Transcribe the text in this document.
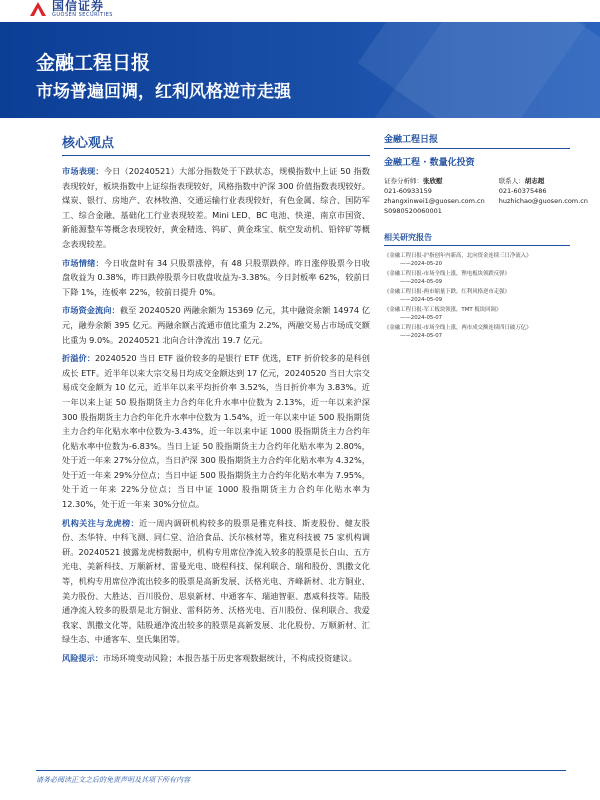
国信证券
GUOSEN SECURITIES
金融工程日报
市场普遍回调，红利风格逆市走强
核心观点

市场表现：今日（20240521）大部分指数处于下跌状态，规模指数中上证 50 指数表现较好，板块指数中上证综指表现较好，风格指数中沪深 300 价值指数表现较好。煤炭、银行、房地产、农林牧渔、交通运输行业表现较好，有色金属、综合、国防军工、综合金融、基础化工行业表现较差。Mini LED、BC 电池、快递、南京市国资、新能源整车等概念表现较好，黄金精选、钨矿、黄金珠宝、航空发动机、铅锌矿等概念表现较差。

市场情绪：今日收盘时有 34 只股票涨停，有 48 只股票跌停。昨日涨停股票今日收盘收益为 0.38%，昨日跌停股票今日收盘收益为-3.38%。今日封板率 62%，较前日下降 1%，连板率 22%，较前日提升 0%。

市场资金流向：截至 20240520 两融余额为 15369 亿元，其中融资余额 14974 亿元，融券余额 395 亿元。两融余额占流通市值比重为 2.2%，两融交易占市场成交额比重为 9.0%。20240521 北向合计净流出 19.7 亿元。

折溢价：20240520 当日 ETF 溢价较多的是银行 ETF 优选，ETF 折价较多的是科创成长 ETF。近半年以来大宗交易日均成交金额达到 17 亿元，20240520 当日大宗交易成交金额为 10 亿元，近半年以来平均折价率 3.52%，当日折价率为 3.83%。近一年以来上证 50 股指期货主力合约年化升水率中位数为 2.13%，近一年以来沪深 300 股指期货主力合约年化升水率中位数为 1.54%，近一年以来中证 500 股指期货主力合约年化贴水率中位数为-3.43%，近一年以来中证 1000 股指期货主力合约年化贴水率中位数为-6.83%。当日上证 50 股指期货主力合约年化贴水率为 2.80%，处于近一年来 27%分位点，当日沪深 300 股指期货主力合约年化贴水率为 4.32%，处于近一年来 29%分位点；当日中证 500 股指期货主力合约年化贴水率为 7.95%，处于近一年来 22%分位点；当日中证 1000 股指期货主力合约年化贴水率为 12.30%，处于近一年来 30%分位点。

机构关注与龙虎榜：近一周内调研机构较多的股票是雅克科技、斯麦股份、健友股份、杰华特、中科飞测、同仁堂、洽洽食品、沃尔核材等，雅克科技被 75 家机构调研。20240521 披露龙虎榜数据中，机构专用席位净流入较多的股票是长白山、五方光电、美新科技、万顺新材、雷曼光电、晓程科技、保利联合、瑞和股份、凯撒文化等，机构专用席位净流出较多的股票是高新发展、沃格光电、齐峰新材、北方铜业、美力股份、大胜达、百川股份、思泉新材、中通客车、瑞迪智驱、惠威科技等。陆股通净流入较多的股票是北方铜业、雷科防务、沃格光电、百川股份、保利联合、我爱我家、凯撒文化等，陆股通净流出较多的股票是高新发展、北化股份、万顺新材、汇绿生态、中通客车、皇氏集团等。

风险提示：市场环境变动风险；本报告基于历史客观数据统计，不构成投资建议。

金融工程日报
金融工程 · 数量化投资
证券分析师：张欣慰
021-60933159
zhangxinwei1@guosen.com.cn
S0980520060001
联系人：胡志超
021-60375486
huzhichao@guosen.com.cn
相关研究报告
《金融工程日报-沪指创年内新高，北向资金连续三日净流入》
——2024-05-20
《金融工程日报-市场全线上涨，锂电板块领跌反弹》
——2024-05-09
《金融工程日报-两市缩量下跌，红利风格逆市走强》
——2024-05-09
《金融工程日报-军工板块领涨，TMT 板块回调》
——2024-05-07
《金融工程日报-市场全线上涨，两市成交额连续四日破万亿》
——2024-05-07
请务必阅读正文之后的免责声明及其项下所有内容
